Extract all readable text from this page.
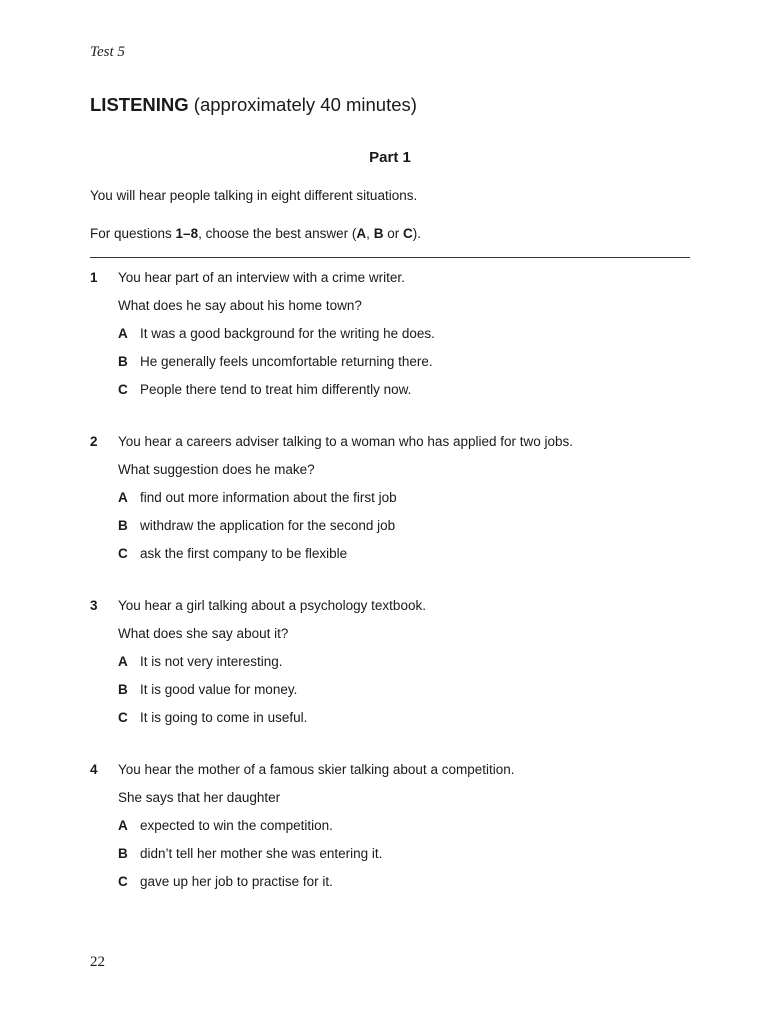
Test 5
LISTENING (approximately 40 minutes)
Part 1
You will hear people talking in eight different situations.
For questions 1–8, choose the best answer (A, B or C).
1 You hear part of an interview with a crime writer.
What does he say about his home town?
A It was a good background for the writing he does.
B He generally feels uncomfortable returning there.
C People there tend to treat him differently now.
2 You hear a careers adviser talking to a woman who has applied for two jobs.
What suggestion does he make?
A find out more information about the first job
B withdraw the application for the second job
C ask the first company to be flexible
3 You hear a girl talking about a psychology textbook.
What does she say about it?
A It is not very interesting.
B It is good value for money.
C It is going to come in useful.
4 You hear the mother of a famous skier talking about a competition.
She says that her daughter
A expected to win the competition.
B didn’t tell her mother she was entering it.
C gave up her job to practise for it.
22
